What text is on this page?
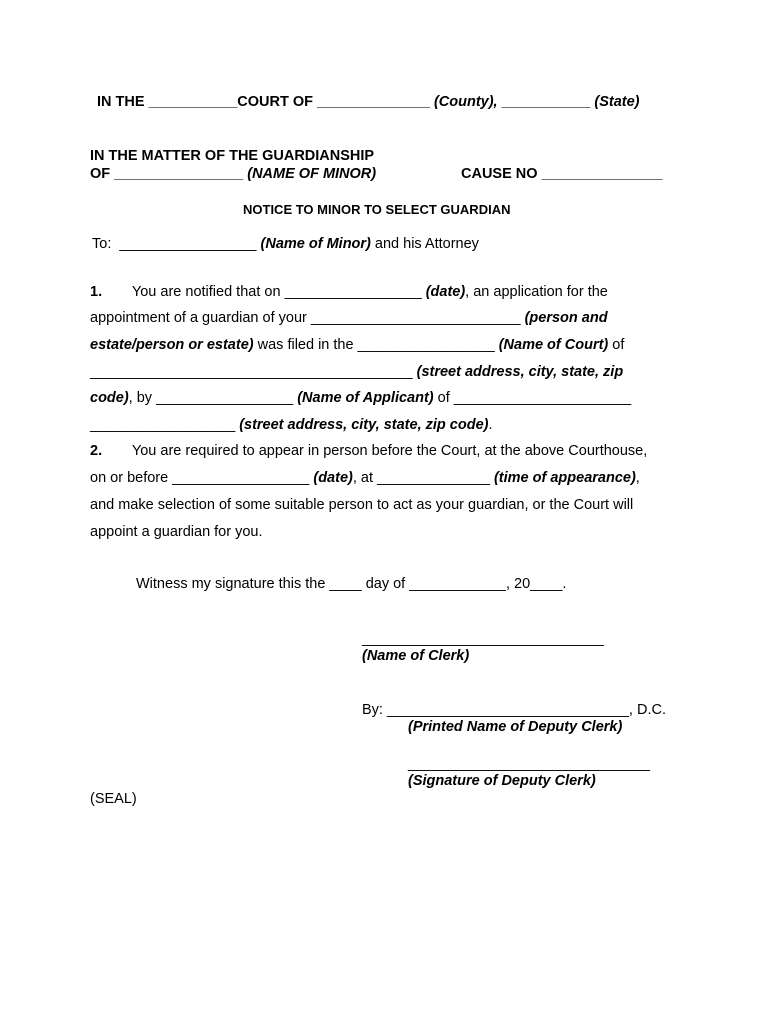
IN THE ___________COURT OF ______________ (County), ___________ (State)
IN THE MATTER OF THE GUARDIANSHIP
OF ________________ (NAME OF MINOR)	CAUSE NO _______________
NOTICE TO MINOR TO SELECT GUARDIAN
To: _________________ (Name of Minor) and his Attorney
1. You are notified that on _________________ (date), an application for the
appointment of a guardian of your __________________________ (person and
estate/person or estate) was filed in the _________________ (Name of Court) of
________________________________________ (street address, city, state, zip
code), by _________________ (Name of Applicant) of ______________________
__________________ (street address, city, state, zip code).
2. You are required to appear in person before the Court, at the above Courthouse,
on or before _________________ (date), at ______________ (time of appearance),
and make selection of some suitable person to act as your guardian, or the Court will
appoint a guardian for you.
Witness my signature this the ____ day of ____________, 20____.
______________________________
(Name of Clerk)
By: ______________________________, D.C.
(Printed Name of Deputy Clerk)
______________________________
(Signature of Deputy Clerk)
(SEAL)
